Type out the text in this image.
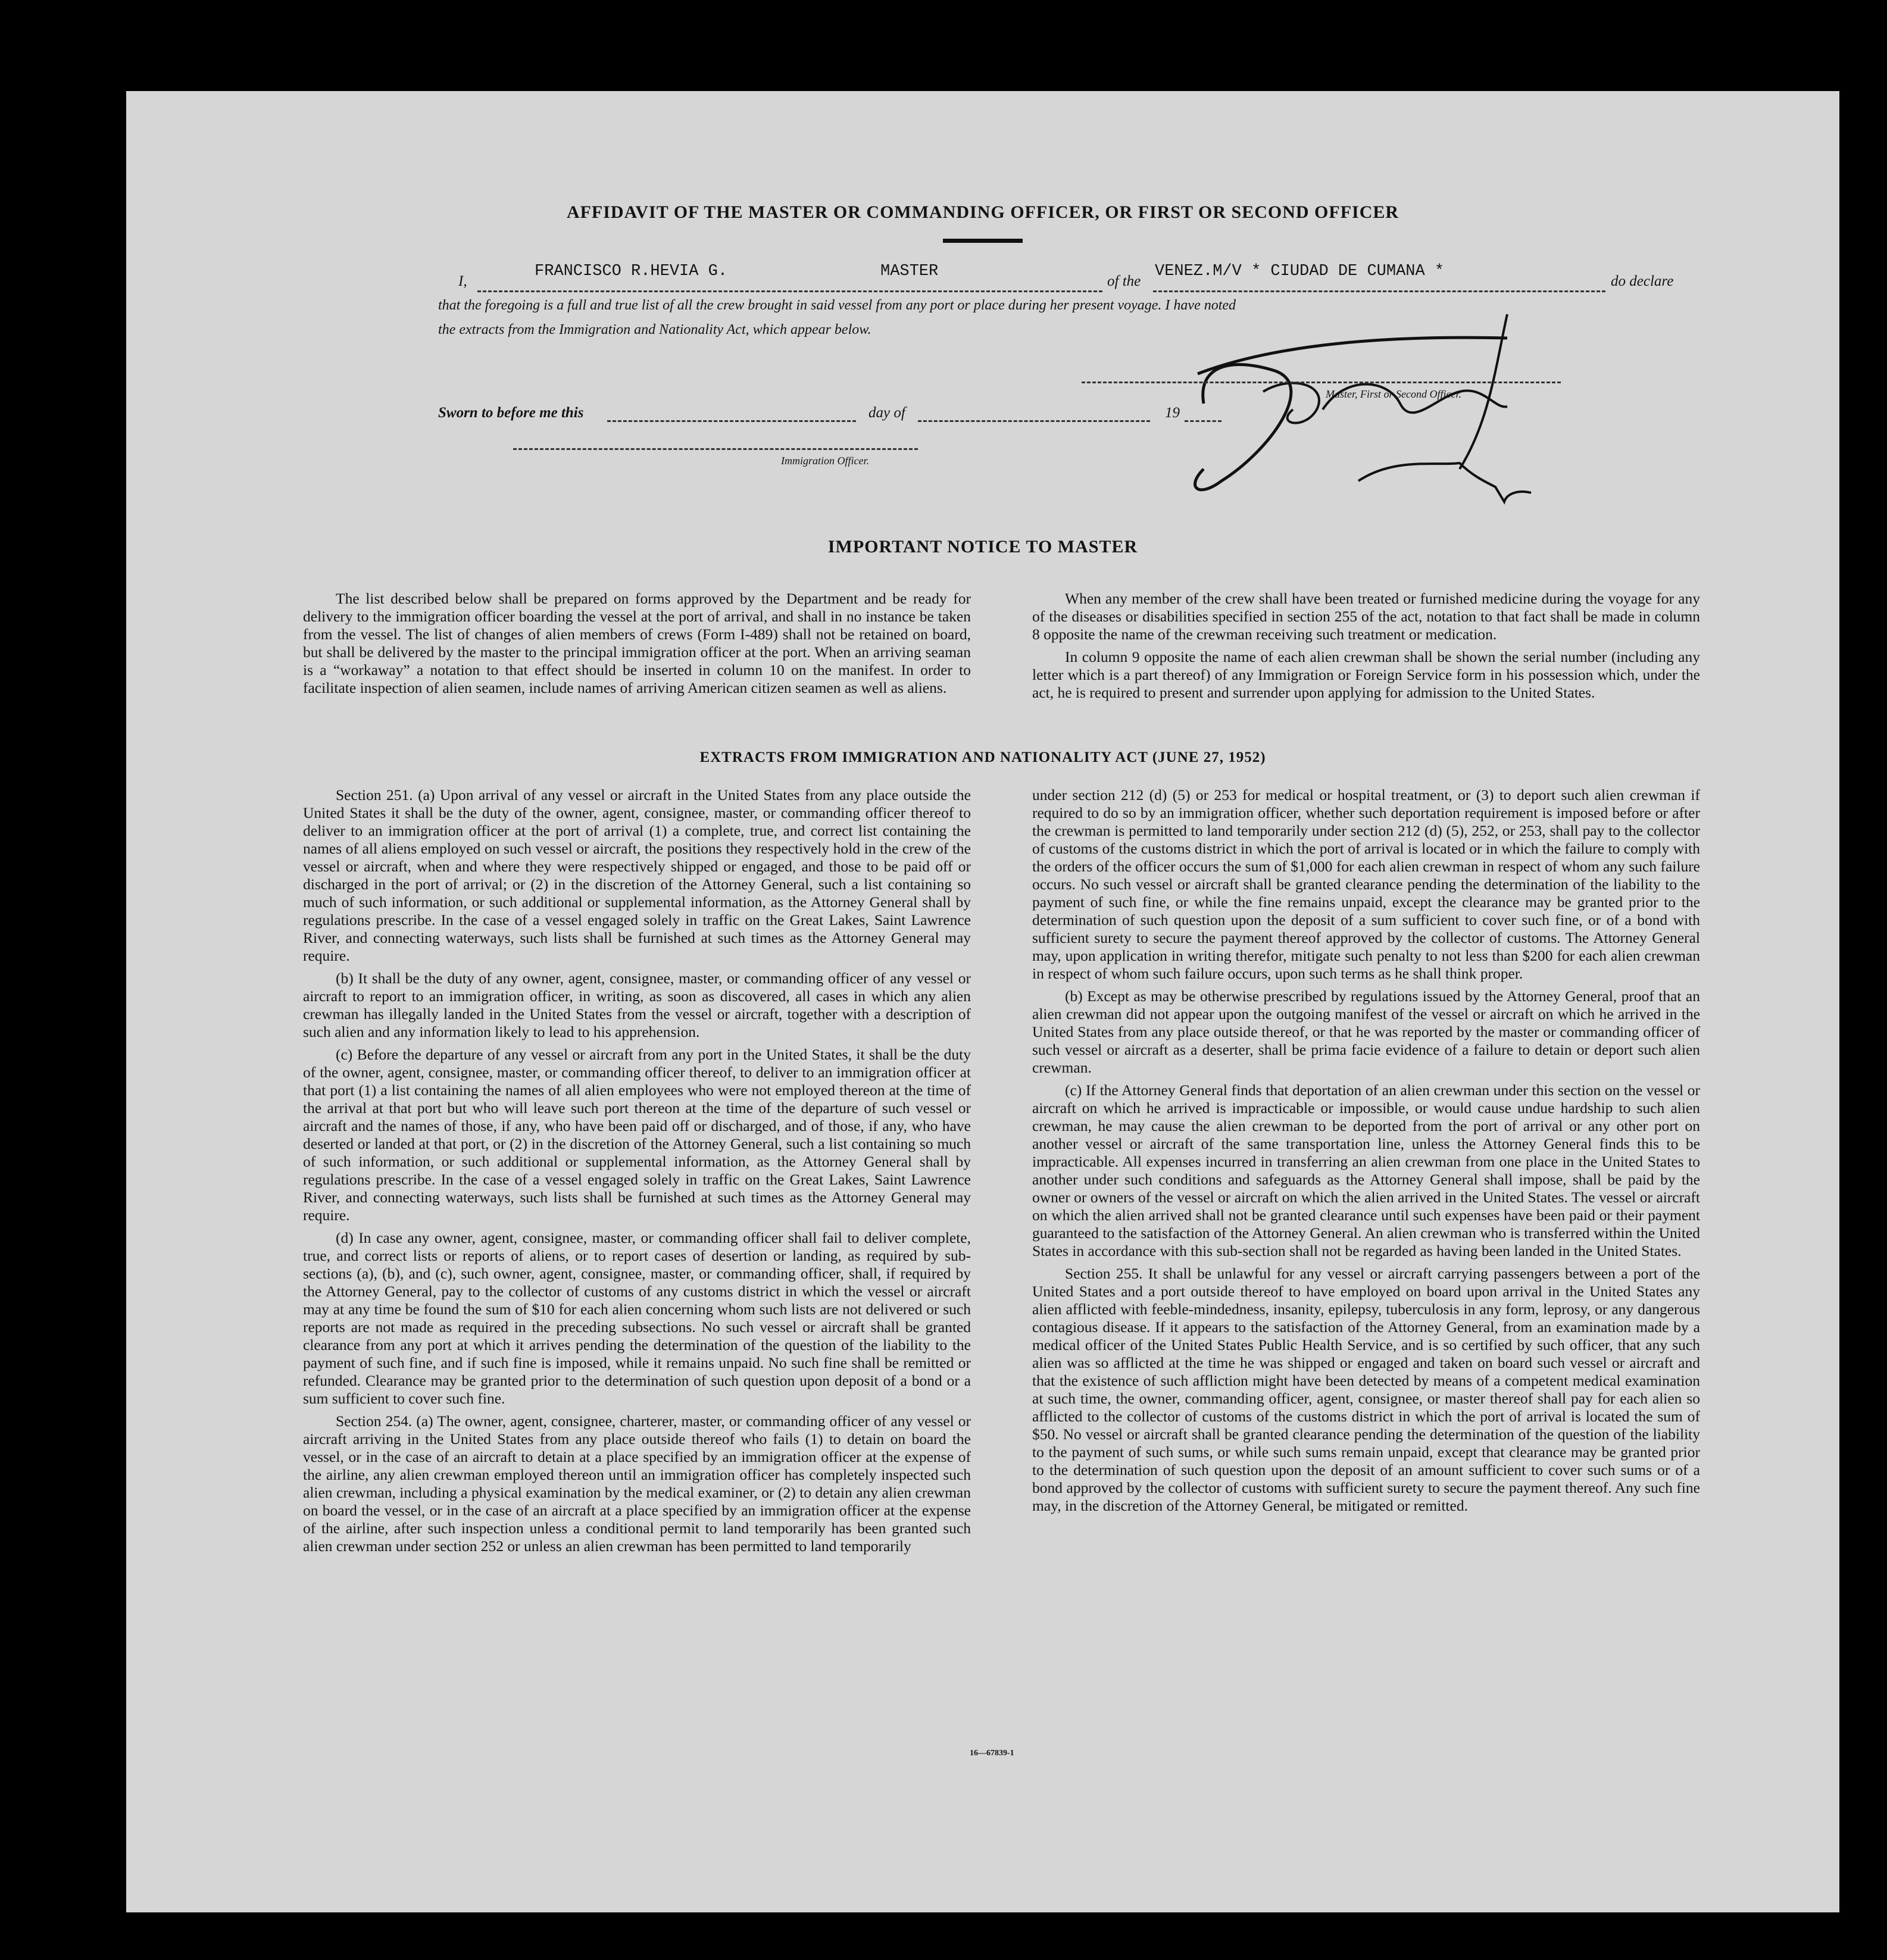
AFFIDAVIT OF THE MASTER OR COMMANDING OFFICER, OR FIRST OR SECOND OFFICER
I,
FRANCISCO R.HEVIA G.	MASTER
of the
VENEZ.M/V * CIUDAD DE CUMANA *
do declare
that the foregoing is a full and true list of all the crew brought in said vessel from any port or place during her present voyage. I have noted
the extracts from the Immigration and Nationality Act, which appear below.
Master, First or Second Officer.
Sworn to before me this	day of	19
Immigration Officer.
IMPORTANT NOTICE TO MASTER

The list described below shall be prepared on forms approved by the Department and be ready for delivery to the immigration officer boarding the vessel at the port of arrival, and shall in no instance be taken from the vessel. The list of changes of alien members of crews (Form I-489) shall not be retained on board, but shall be delivered by the master to the principal immigration officer at the port. When an arriving seaman is a “workaway” a notation to that effect should be inserted in column 10 on the manifest. In order to facilitate inspection of alien seamen, include names of arriving American citizen seamen as well as aliens.

When any member of the crew shall have been treated or furnished medicine during the voyage for any of the diseases or disabilities specified in section 255 of the act, notation to that fact shall be made in column 8 opposite the name of the crewman receiving such treatment or medication.

In column 9 opposite the name of each alien crewman shall be shown the serial number (including any letter which is a part thereof) of any Immigration or Foreign Service form in his possession which, under the act, he is required to present and surrender upon applying for admission to the United States.

EXTRACTS FROM IMMIGRATION AND NATIONALITY ACT (JUNE 27, 1952)

Section 251. (a) Upon arrival of any vessel or aircraft in the United States from any place outside the United States it shall be the duty of the owner, agent, consignee, master, or commanding officer thereof to deliver to an immigration officer at the port of arrival (1) a complete, true, and correct list containing the names of all aliens employed on such vessel or aircraft, the positions they respectively hold in the crew of the vessel or aircraft, when and where they were respectively shipped or engaged, and those to be paid off or discharged in the port of arrival; or (2) in the discretion of the Attorney General, such a list containing so much of such information, or such additional or supplemental information, as the Attorney General shall by regulations prescribe. In the case of a vessel engaged solely in traffic on the Great Lakes, Saint Lawrence River, and connecting waterways, such lists shall be furnished at such times as the Attorney General may require.

(b) It shall be the duty of any owner, agent, consignee, master, or commanding officer of any vessel or aircraft to report to an immigration officer, in writing, as soon as discovered, all cases in which any alien crewman has illegally landed in the United States from the vessel or aircraft, together with a description of such alien and any information likely to lead to his apprehension.

(c) Before the departure of any vessel or aircraft from any port in the United States, it shall be the duty of the owner, agent, consignee, master, or commanding officer thereof, to deliver to an immigration officer at that port (1) a list containing the names of all alien employees who were not employed thereon at the time of the arrival at that port but who will leave such port thereon at the time of the departure of such vessel or aircraft and the names of those, if any, who have been paid off or discharged, and of those, if any, who have deserted or landed at that port, or (2) in the discretion of the Attorney General, such a list containing so much of such information, or such additional or supplemental information, as the Attorney General shall by regulations prescribe. In the case of a vessel engaged solely in traffic on the Great Lakes, Saint Lawrence River, and connecting waterways, such lists shall be furnished at such times as the Attorney General may require.

(d) In case any owner, agent, consignee, master, or commanding officer shall fail to deliver complete, true, and correct lists or reports of aliens, or to report cases of desertion or landing, as required by sub-sections (a), (b), and (c), such owner, agent, consignee, master, or commanding officer, shall, if required by the Attorney General, pay to the collector of customs of any customs district in which the vessel or aircraft may at any time be found the sum of $10 for each alien concerning whom such lists are not delivered or such reports are not made as required in the preceding subsections. No such vessel or aircraft shall be granted clearance from any port at which it arrives pending the determination of the question of the liability to the payment of such fine, and if such fine is imposed, while it remains unpaid. No such fine shall be remitted or refunded. Clearance may be granted prior to the determination of such question upon deposit of a bond or a sum sufficient to cover such fine.

Section 254. (a) The owner, agent, consignee, charterer, master, or commanding officer of any vessel or aircraft arriving in the United States from any place outside thereof who fails (1) to detain on board the vessel, or in the case of an aircraft to detain at a place specified by an immigration officer at the expense of the airline, any alien crewman employed thereon until an immigration officer has completely inspected such alien crewman, including a physical examination by the medical examiner, or (2) to detain any alien crewman on board the vessel, or in the case of an aircraft at a place specified by an immigration officer at the expense of the airline, after such inspection unless a conditional permit to land temporarily has been granted such alien crewman under section 252 or unless an alien crewman has been permitted to land temporarily

under section 212 (d) (5) or 253 for medical or hospital treatment, or (3) to deport such alien crewman if required to do so by an immigration officer, whether such deportation requirement is imposed before or after the crewman is permitted to land temporarily under section 212 (d) (5), 252, or 253, shall pay to the collector of customs of the customs district in which the port of arrival is located or in which the failure to comply with the orders of the officer occurs the sum of $1,000 for each alien crewman in respect of whom any such failure occurs. No such vessel or aircraft shall be granted clearance pending the determination of the liability to the payment of such fine, or while the fine remains unpaid, except the clearance may be granted prior to the determination of such question upon the deposit of a sum sufficient to cover such fine, or of a bond with sufficient surety to secure the payment thereof approved by the collector of customs. The Attorney General may, upon application in writing therefor, mitigate such penalty to not less than $200 for each alien crewman in respect of whom such failure occurs, upon such terms as he shall think proper.

(b) Except as may be otherwise prescribed by regulations issued by the Attorney General, proof that an alien crewman did not appear upon the outgoing manifest of the vessel or aircraft on which he arrived in the United States from any place outside thereof, or that he was reported by the master or commanding officer of such vessel or aircraft as a deserter, shall be prima facie evidence of a failure to detain or deport such alien crewman.

(c) If the Attorney General finds that deportation of an alien crewman under this section on the vessel or aircraft on which he arrived is impracticable or impossible, or would cause undue hardship to such alien crewman, he may cause the alien crewman to be deported from the port of arrival or any other port on another vessel or aircraft of the same transportation line, unless the Attorney General finds this to be impracticable. All expenses incurred in transferring an alien crewman from one place in the United States to another under such conditions and safeguards as the Attorney General shall impose, shall be paid by the owner or owners of the vessel or aircraft on which the alien arrived in the United States. The vessel or aircraft on which the alien arrived shall not be granted clearance until such expenses have been paid or their payment guaranteed to the satisfaction of the Attorney General. An alien crewman who is transferred within the United States in accordance with this sub-section shall not be regarded as having been landed in the United States.

Section 255. It shall be unlawful for any vessel or aircraft carrying passengers between a port of the United States and a port outside thereof to have employed on board upon arrival in the United States any alien afflicted with feeble-mindedness, insanity, epilepsy, tuberculosis in any form, leprosy, or any dangerous contagious disease. If it appears to the satisfaction of the Attorney General, from an examination made by a medical officer of the United States Public Health Service, and is so certified by such officer, that any such alien was so afflicted at the time he was shipped or engaged and taken on board such vessel or aircraft and that the existence of such affliction might have been detected by means of a competent medical examination at such time, the owner, commanding officer, agent, consignee, or master thereof shall pay for each alien so afflicted to the collector of customs of the customs district in which the port of arrival is located the sum of $50. No vessel or aircraft shall be granted clearance pending the determination of the question of the liability to the payment of such sums, or while such sums remain unpaid, except that clearance may be granted prior to the determination of such question upon the deposit of an amount sufficient to cover such sums or of a bond approved by the collector of customs with sufficient surety to secure the payment thereof. Any such fine may, in the discretion of the Attorney General, be mitigated or remitted.

16—67839-1
